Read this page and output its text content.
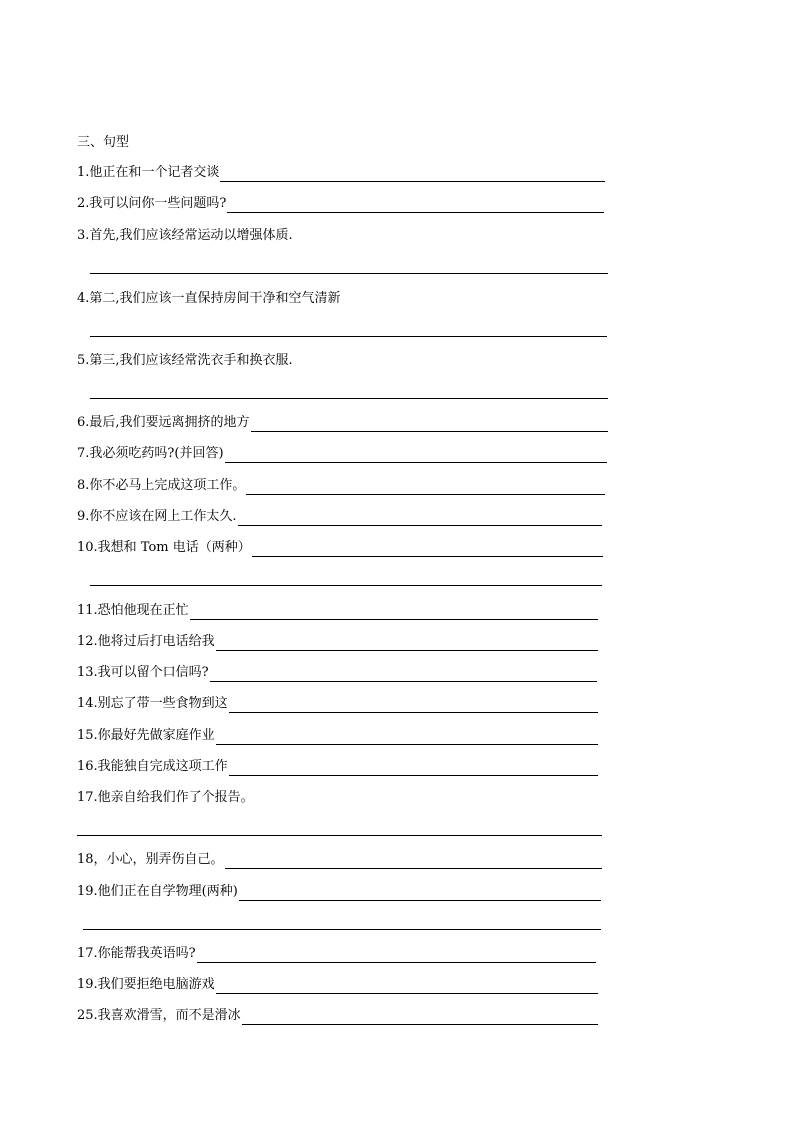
三、句型
1.他正在和一个记者交谈
2.我可以问你一些问题吗?
3.首先,我们应该经常运动以增强体质.
4.第二,我们应该一直保持房间干净和空气清新
5.第三,我们应该经常洗衣手和换衣服.
6.最后,我们要远离拥挤的地方
7.我必须吃药吗?(并回答)
8.你不必马上完成这项工作。
9.你不应该在网上工作太久.
10.我想和 Tom 电话（两种）
11.恐怕他现在正忙
12.他将过后打电话给我
13.我可以留个口信吗?
14.别忘了带一些食物到这
15.你最好先做家庭作业
16.我能独自完成这项工作
17.他亲自给我们作了个报告。
18，小心，别弄伤自己。
19.他们正在自学物理(两种)
17.你能帮我英语吗?
19.我们要拒绝电脑游戏
25.我喜欢滑雪，而不是滑冰
